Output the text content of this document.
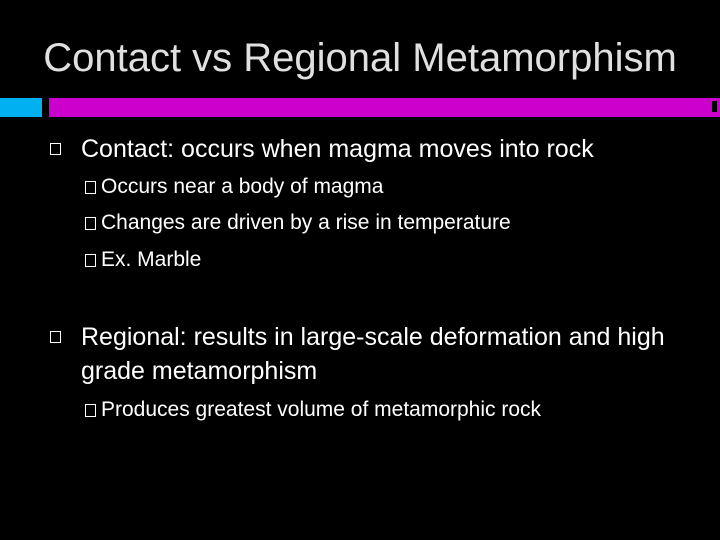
Contact vs Regional Metamorphism
Contact: occurs when magma moves into rock
Occurs near a body of magma
Changes are driven by a rise in temperature
Ex. Marble
Regional: results in large-scale deformation and high grade metamorphism
Produces greatest volume of metamorphic rock
